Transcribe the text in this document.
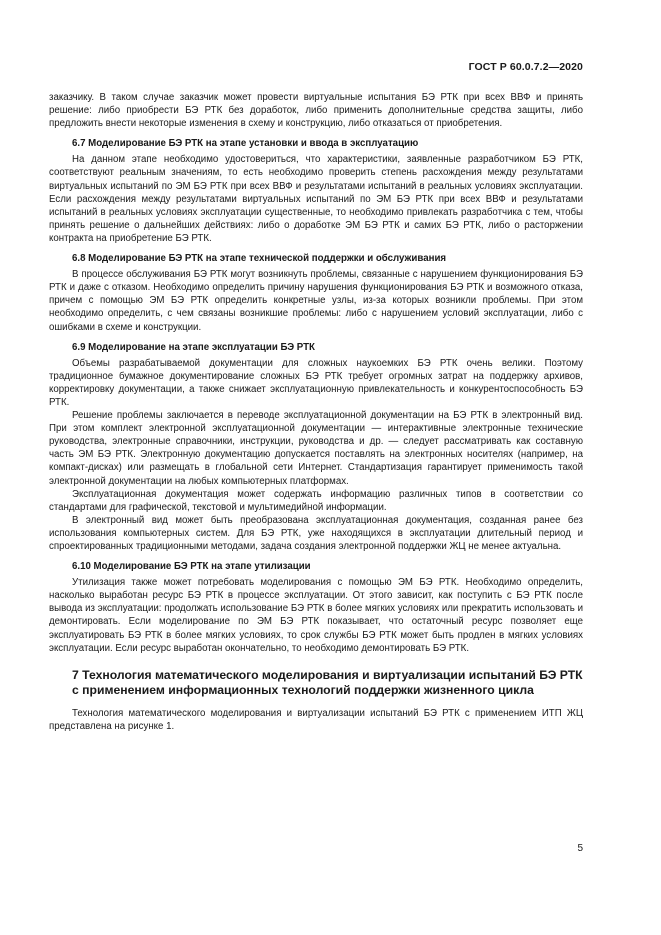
ГОСТ Р 60.0.7.2—2020

заказчику. В таком случае заказчик может провести виртуальные испытания БЭ РТК при всех ВВФ и принять решение: либо приобрести БЭ РТК без доработок, либо применить дополнительные средства защиты, либо предложить внести некоторые изменения в схему и конструкцию, либо отказаться от приобретения.

6.7 Моделирование БЭ РТК на этапе установки и ввода в эксплуатацию

На данном этапе необходимо удостовериться, что характеристики, заявленные разработчиком БЭ РТК, соответствуют реальным значениям, то есть необходимо проверить степень расхождения между результатами виртуальных испытаний по ЭМ БЭ РТК при всех ВВФ и результатами испытаний в реальных условиях эксплуатации. Если расхождения между результатами виртуальных испытаний по ЭМ БЭ РТК при всех ВВФ и результатами испытаний в реальных условиях эксплуатации существенные, то необходимо привлекать разработчика с тем, чтобы принять решение о дальнейших действиях: либо о доработке ЭМ БЭ РТК и самих БЭ РТК, либо о расторжении контракта на приобретение БЭ РТК.

6.8 Моделирование БЭ РТК на этапе технической поддержки и обслуживания

В процессе обслуживания БЭ РТК могут возникнуть проблемы, связанные с нарушением функционирования БЭ РТК и даже с отказом. Необходимо определить причину нарушения функционирования БЭ РТК и возможного отказа, причем с помощью ЭМ БЭ РТК определить конкретные узлы, из-за которых возникли проблемы. При этом необходимо определить, с чем связаны возникшие проблемы: либо с нарушением условий эксплуатации, либо с ошибками в схеме и конструкции.

6.9 Моделирование на этапе эксплуатации БЭ РТК

Объемы разрабатываемой документации для сложных наукоемких БЭ РТК очень велики. Поэтому традиционное бумажное документирование сложных БЭ РТК требует огромных затрат на поддержку архивов, корректировку документации, а также снижает эксплуатационную привлекательность и конкурентоспособность БЭ РТК.

Решение проблемы заключается в переводе эксплуатационной документации на БЭ РТК в электронный вид. При этом комплект электронной эксплуатационной документации — интерактивные электронные технические руководства, электронные справочники, инструкции, руководства и др. — следует рассматривать как составную часть ЭМ БЭ РТК. Электронную документацию допускается поставлять на электронных носителях (например, на компакт-дисках) или размещать в глобальной сети Интернет. Стандартизация гарантирует применимость такой электронной документации на любых компьютерных платформах.

Эксплуатационная документация может содержать информацию различных типов в соответствии со стандартами для графической, текстовой и мультимедийной информации.

В электронный вид может быть преобразована эксплуатационная документация, созданная ранее без использования компьютерных систем. Для БЭ РТК, уже находящихся в эксплуатации длительный период и спроектированных традиционными методами, задача создания электронной поддержки ЖЦ не менее актуальна.

6.10 Моделирование БЭ РТК на этапе утилизации

Утилизация также может потребовать моделирования с помощью ЭМ БЭ РТК. Необходимо определить, насколько выработан ресурс БЭ РТК в процессе эксплуатации. От этого зависит, как поступить с БЭ РТК после вывода из эксплуатации: продолжать использование БЭ РТК в более мягких условиях или прекратить использовать и демонтировать. Если моделирование по ЭМ БЭ РТК показывает, что остаточный ресурс позволяет еще эксплуатировать БЭ РТК в более мягких условиях, то срок службы БЭ РТК может быть продлен в мягких условиях эксплуатации. Если ресурс выработан окончательно, то необходимо демонтировать БЭ РТК.

7 Технология математического моделирования и виртуализации испытаний БЭ РТК с применением информационных технологий поддержки жизненного цикла

Технология математического моделирования и виртуализации испытаний БЭ РТК с применением ИТП ЖЦ представлена на рисунке 1.

5
